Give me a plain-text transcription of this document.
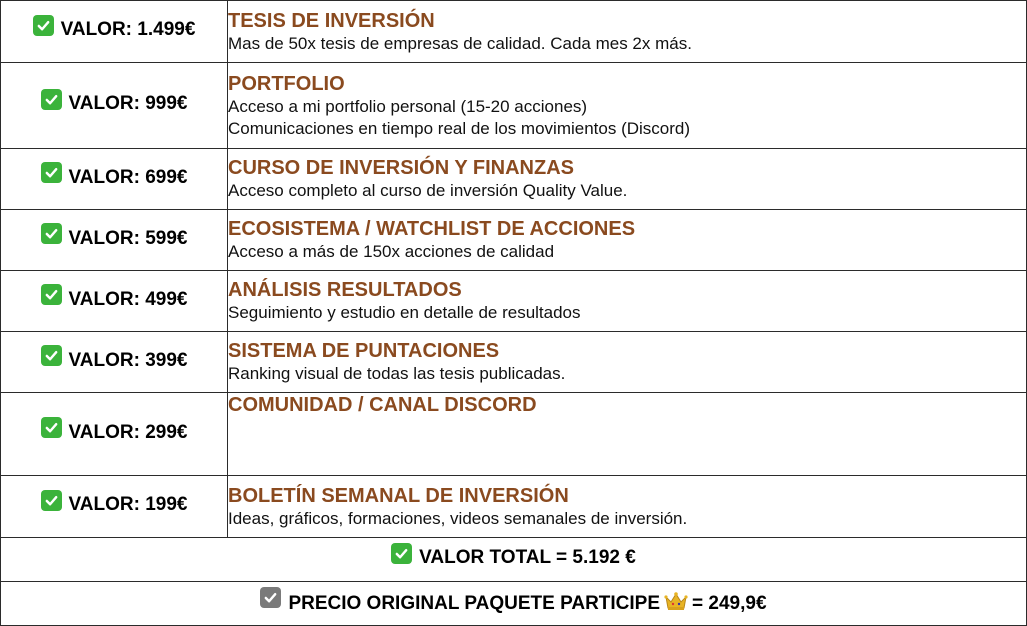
VALOR: 1.499€	TESIS DE INVERSIÓN
Mas de 50x tesis de empresas de calidad. Cada mes 2x más.

VALOR: 999€	PORTFOLIO
Acceso a mi portfolio personal (15-20 acciones)
Comunicaciones en tiempo real de los movimientos (Discord)

VALOR: 699€	CURSO DE INVERSIÓN Y FINANZAS
Acceso completo al curso de inversión Quality Value.

VALOR: 599€	ECOSISTEMA / WATCHLIST DE ACCIONES
Acceso a más de 150x acciones de calidad

VALOR: 499€	ANÁLISIS RESULTADOS
Seguimiento y estudio en detalle de resultados

VALOR: 399€	SISTEMA DE PUNTACIONES
Ranking visual de todas las tesis publicadas.

VALOR: 299€	COMUNIDAD / CANAL DISCORD

VALOR: 199€	BOLETÍN SEMANAL DE INVERSIÓN
Ideas, gráficos, formaciones, videos semanales de inversión.

VALOR TOTAL = 5.192 €	

PRECIO ORIGINAL PAQUETE PARTICIPE = 249,9€	
